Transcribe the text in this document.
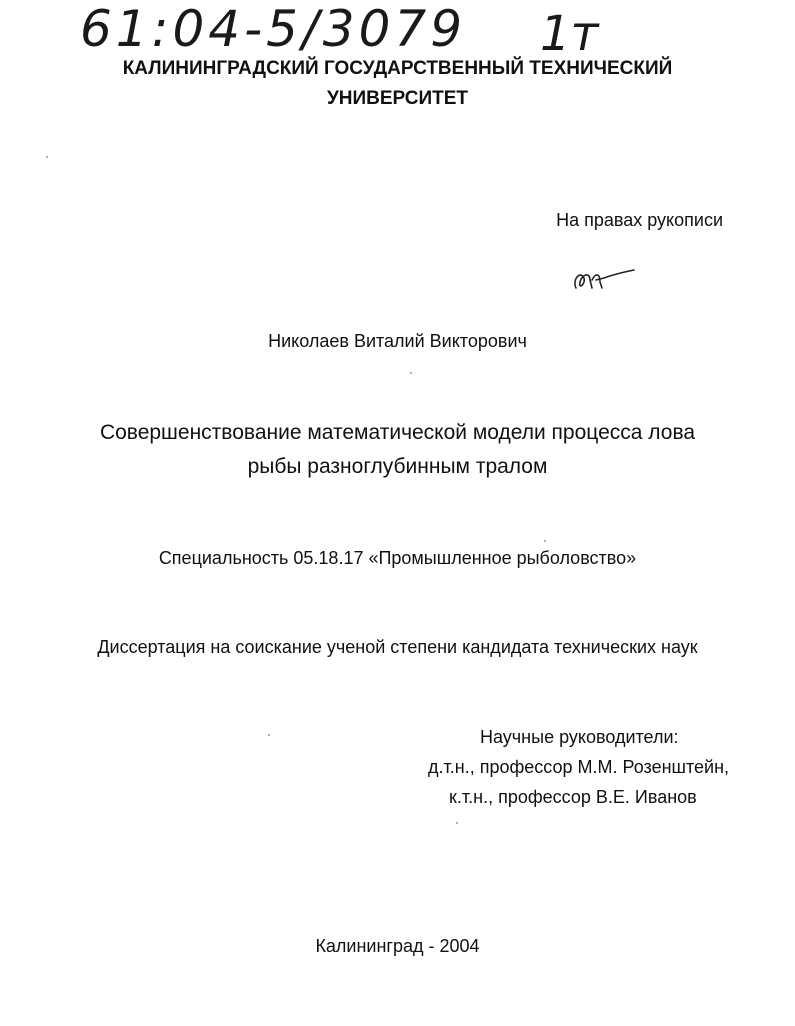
61:04-5/3079 1т
КАЛИНИНГРАДСКИЙ ГОСУДАРСТВЕННЫЙ ТЕХНИЧЕСКИЙ
УНИВЕРСИТЕТ
На правах рукописи
Николаев Виталий Викторович
Совершенствование математической модели процесса лова
рыбы разноглубинным тралом
Специальность 05.18.17 «Промышленное рыболовство»
Диссертация на соискание ученой степени кандидата технических наук
Научные руководители:
д.т.н., профессор М.М. Розенштейн,
к.т.н., профессор В.Е. Иванов
Калининград - 2004
